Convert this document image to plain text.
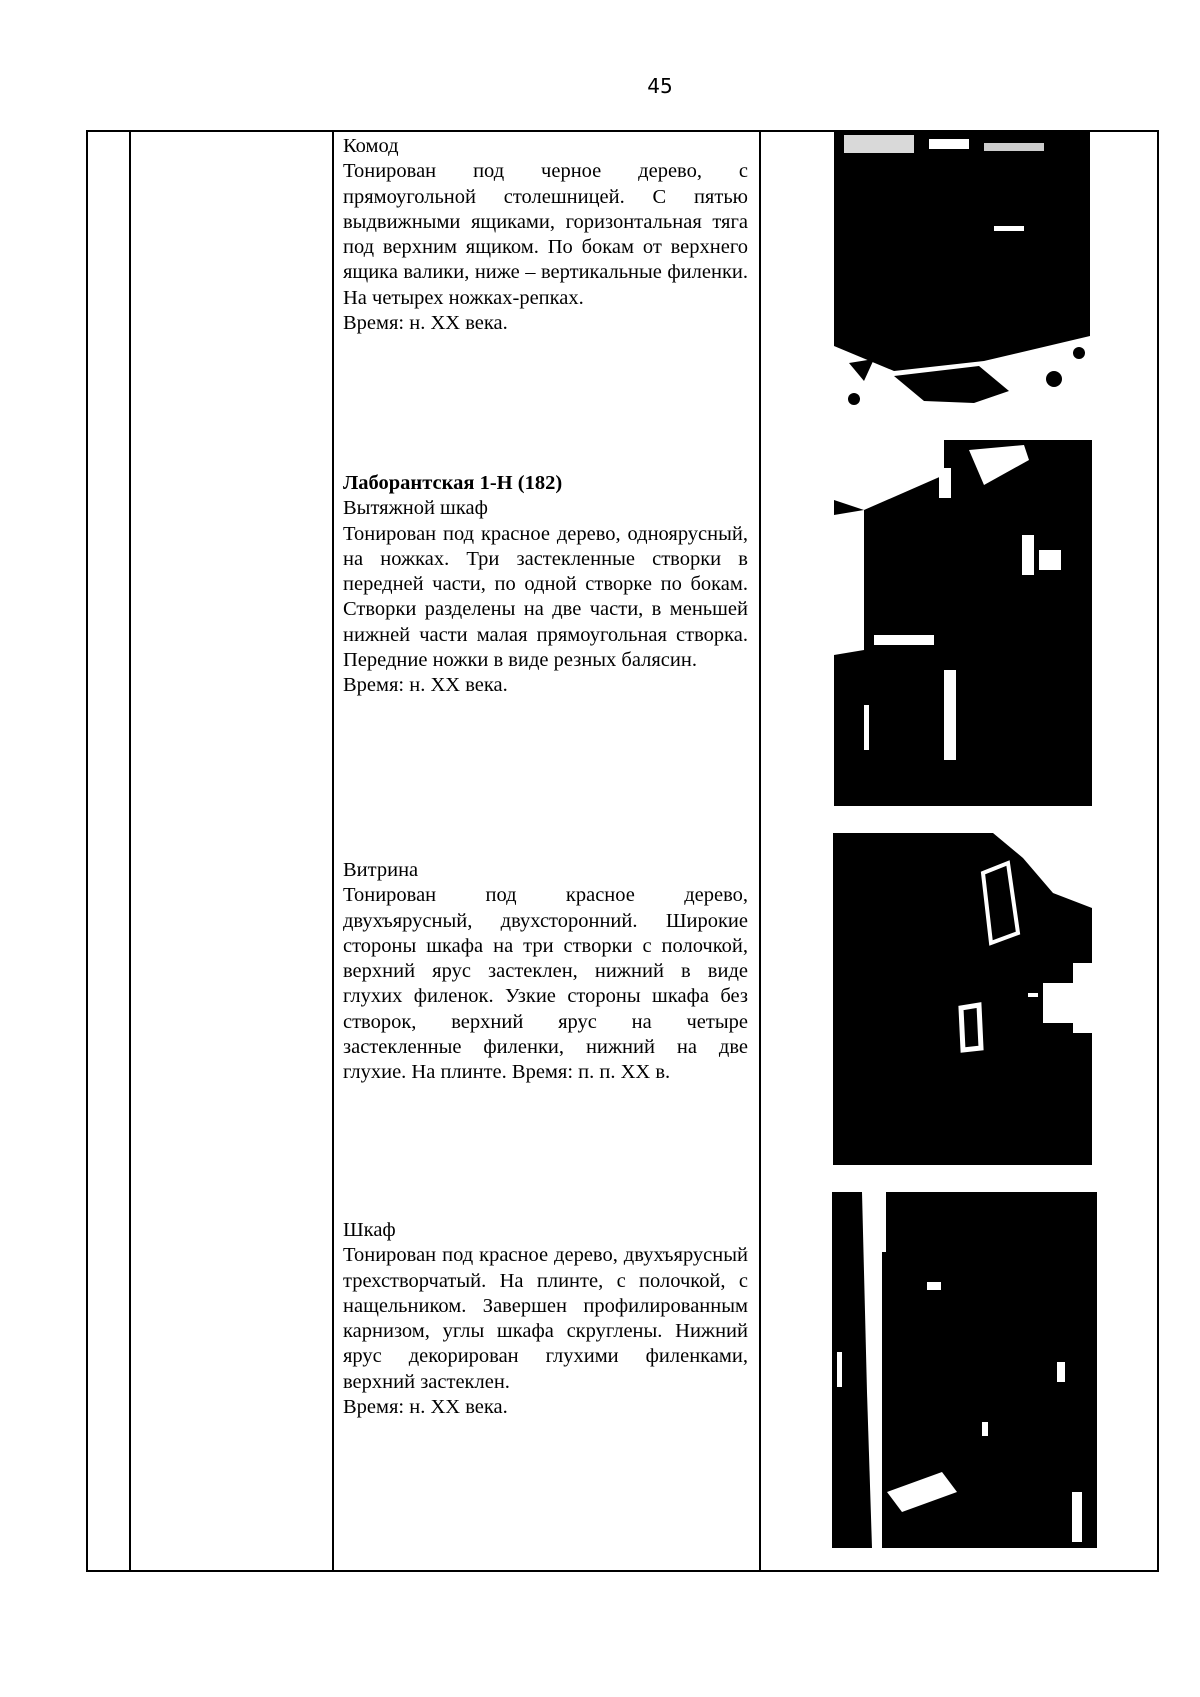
45

Комод

Тонирован под черное дерево, с прямоугольной столешницей. С пятью выдвижными ящиками, горизонтальная тяга под верхним ящиком. По бокам от верхнего ящика валики, ниже – вертикальные филенки. На четырех ножках-репках.

Время: н. XX века.

Лаборантская 1-Н (182)

Вытяжной шкаф

Тонирован под красное дерево, одноярусный, на ножках. Три застекленные створки в передней части, по одной створке по бокам. Створки разделены на две части, в меньшей нижней части малая прямоугольная створка. Передние ножки в виде резных балясин.

Время: н. XX века.

Витрина

Тонирован под красное дерево, двухъярусный, двухсторонний. Широкие стороны шкафа на три створки с полочкой, верхний ярус застеклен, нижний в виде глухих филенок. Узкие стороны шкафа без створок, верхний ярус на четыре застекленные филенки, нижний на две глухие. На плинте. Время: п. п. XX в.

Шкаф

Тонирован под красное дерево, двухъярусный трехстворчатый. На плинте, с полочкой, с нащельником. Завершен профилированным карнизом, углы шкафа скруглены. Нижний ярус декорирован глухими филенками, верхний застеклен.

Время: н. XX века.
